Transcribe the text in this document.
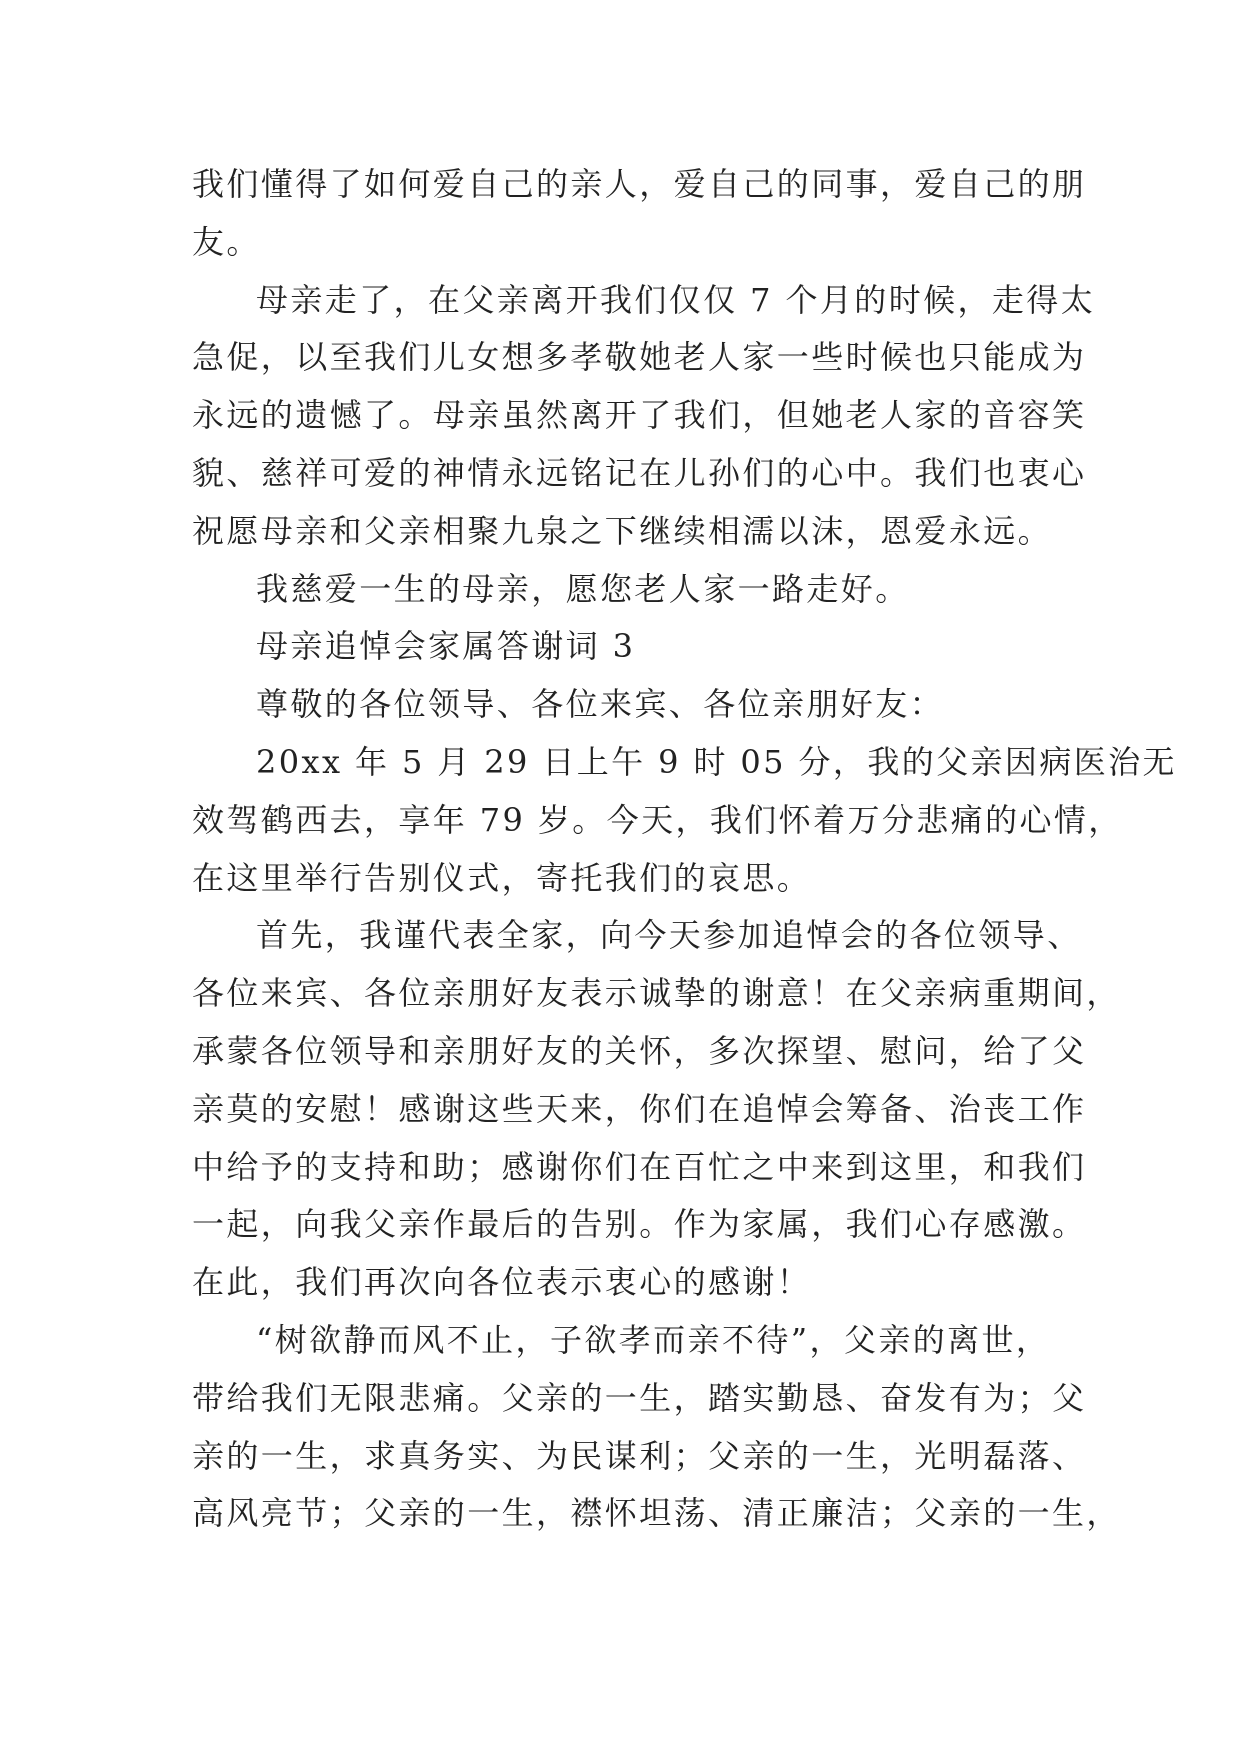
我们懂得了如何爱自己的亲人，爱自己的同事，爱自己的朋
友。
母亲走了，在父亲离开我们仅仅 7 个月的时候，走得太
急促，以至我们儿女想多孝敬她老人家一些时候也只能成为
永远的遗憾了。母亲虽然离开了我们，但她老人家的音容笑
貌、慈祥可爱的神情永远铭记在儿孙们的心中。我们也衷心
祝愿母亲和父亲相聚九泉之下继续相濡以沫，恩爱永远。
我慈爱一生的母亲，愿您老人家一路走好。
母亲追悼会家属答谢词 3
尊敬的各位领导、各位来宾、各位亲朋好友：
20xx 年 5 月 29 日上午 9 时 05 分，我的父亲因病医治无
效驾鹤西去，享年 79 岁。今天，我们怀着万分悲痛的心情，
在这里举行告别仪式，寄托我们的哀思。
首先，我谨代表全家，向今天参加追悼会的各位领导、
各位来宾、各位亲朋好友表示诚挚的谢意！在父亲病重期间，
承蒙各位领导和亲朋好友的关怀，多次探望、慰问，给了父
亲莫的安慰！感谢这些天来，你们在追悼会筹备、治丧工作
中给予的支持和助；感谢你们在百忙之中来到这里，和我们
一起，向我父亲作最后的告别。作为家属，我们心存感激。
在此，我们再次向各位表示衷心的感谢！
“树欲静而风不止，子欲孝而亲不待”，父亲的离世，
带给我们无限悲痛。父亲的一生，踏实勤恳、奋发有为；父
亲的一生，求真务实、为民谋利；父亲的一生，光明磊落、
高风亮节；父亲的一生，襟怀坦荡、清正廉洁；父亲的一生，
